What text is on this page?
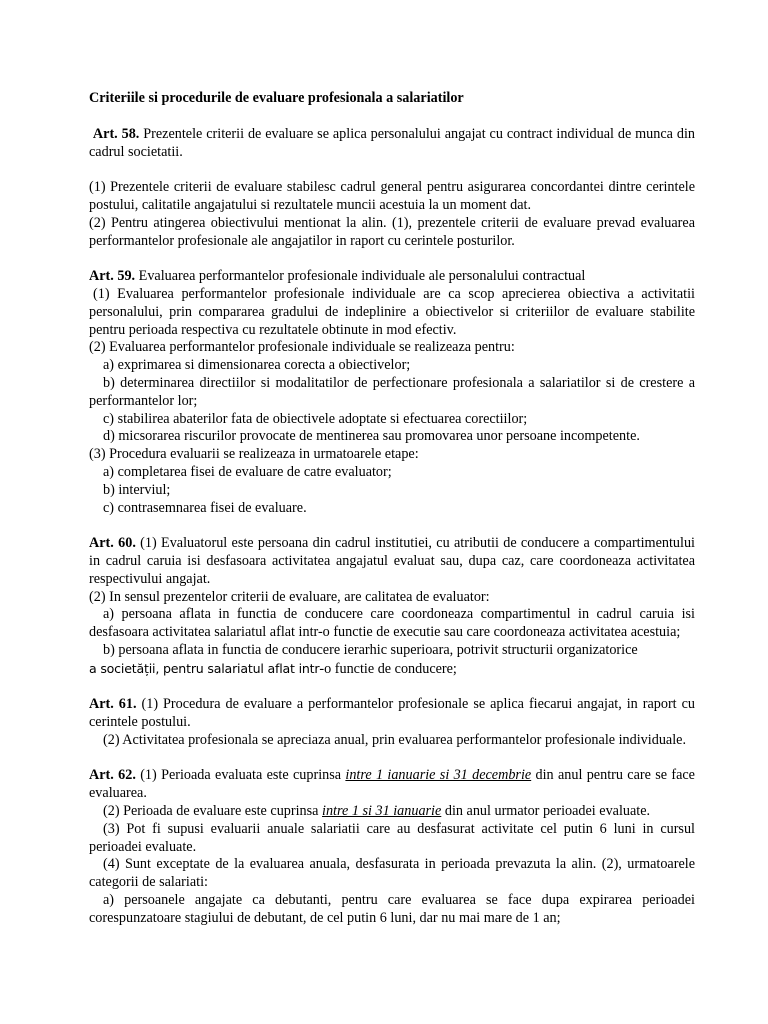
Criteriile si procedurile de evaluare profesionala a salariatilor

Art. 58. Prezentele criterii de evaluare se aplica personalului angajat cu contract individual de munca din cadrul societatii.

(1) Prezentele criterii de evaluare stabilesc cadrul general pentru asigurarea concordantei dintre cerintele postului, calitatile angajatului si rezultatele muncii acestuia la un moment dat.

(2) Pentru atingerea obiectivului mentionat la alin. (1), prezentele criterii de evaluare prevad evaluarea performantelor profesionale ale angajatilor in raport cu cerintele posturilor.

Art. 59. Evaluarea performantelor profesionale individuale ale personalului contractual

(1) Evaluarea performantelor profesionale individuale are ca scop aprecierea obiectiva a activitatii personalului, prin compararea gradului de indeplinire a obiectivelor si criteriilor de evaluare stabilite pentru perioada respectiva cu rezultatele obtinute in mod efectiv.

(2) Evaluarea performantelor profesionale individuale se realizeaza pentru:

a) exprimarea si dimensionarea corecta a obiectivelor;

b) determinarea directiilor si modalitatilor de perfectionare profesionala a salariatilor si de crestere a performantelor lor;

c) stabilirea abaterilor fata de obiectivele adoptate si efectuarea corectiilor;

d) micsorarea riscurilor provocate de mentinerea sau promovarea unor persoane incompetente.

(3) Procedura evaluarii se realizeaza in urmatoarele etape:

a) completarea fisei de evaluare de catre evaluator;

b) interviul;

c) contrasemnarea fisei de evaluare.

Art. 60. (1) Evaluatorul este persoana din cadrul institutiei, cu atributii de conducere a compartimentului in cadrul caruia isi desfasoara activitatea angajatul evaluat sau, dupa caz, care coordoneaza activitatea respectivului angajat.

(2) In sensul prezentelor criterii de evaluare, are calitatea de evaluator:

a) persoana aflata in functia de conducere care coordoneaza compartimentul in cadrul caruia isi desfasoara activitatea salariatul aflat intr-o functie de executie sau care coordoneaza activitatea acestuia;

b) persoana aflata in functia de conducere ierarhic superioara, potrivit structurii organizatorice

a societății, pentru salariatul aflat intr-o functie de conducere;

Art. 61. (1) Procedura de evaluare a performantelor profesionale se aplica fiecarui angajat, in raport cu cerintele postului.

(2) Activitatea profesionala se apreciaza anual, prin evaluarea performantelor profesionale individuale.

Art. 62. (1) Perioada evaluata este cuprinsa intre 1 ianuarie si 31 decembrie din anul pentru care se face evaluarea.

(2) Perioada de evaluare este cuprinsa intre 1 si 31 ianuarie din anul urmator perioadei evaluate.

(3) Pot fi supusi evaluarii anuale salariatii care au desfasurat activitate cel putin 6 luni in cursul perioadei evaluate.

(4) Sunt exceptate de la evaluarea anuala, desfasurata in perioada prevazuta la alin. (2), urmatoarele categorii de salariati:

a) persoanele angajate ca debutanti, pentru care evaluarea se face dupa expirarea perioadei corespunzatoare stagiului de debutant, de cel putin 6 luni, dar nu mai mare de 1 an;
